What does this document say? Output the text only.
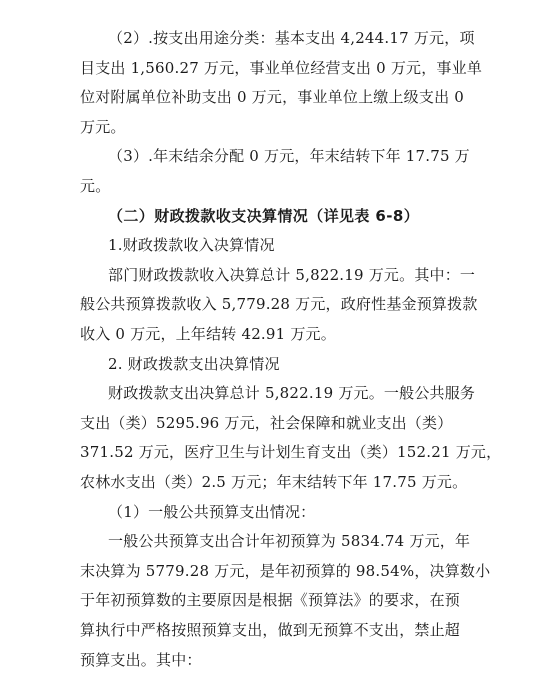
（2）.按支出用途分类：基本支出 4,244.17 万元，项
目支出 1,560.27 万元，事业单位经营支出 0 万元，事业单
位对附属单位补助支出 0 万元，事业单位上缴上级支出 0
万元。
（3）.年末结余分配 0 万元，年末结转下年 17.75 万
元。
（二）财政拨款收支决算情况（详见表 6-8）
1.财政拨款收入决算情况
部门财政拨款收入决算总计 5,822.19 万元。其中：一
般公共预算拨款收入 5,779.28 万元，政府性基金预算拨款
收入 0 万元，上年结转 42.91 万元。
2. 财政拨款支出决算情况
财政拨款支出决算总计 5,822.19 万元。一般公共服务
支出（类）5295.96 万元，社会保障和就业支出（类）
371.52 万元，医疗卫生与计划生育支出（类）152.21 万元，
农林水支出（类）2.5 万元；年末结转下年 17.75 万元。
（1）一般公共预算支出情况：
一般公共预算支出合计年初预算为 5834.74 万元，年
末决算为 5779.28 万元，是年初预算的 98.54%，决算数小
于年初预算数的主要原因是根据《预算法》的要求，在预
算执行中严格按照预算支出，做到无预算不支出，禁止超
预算支出。其中：
